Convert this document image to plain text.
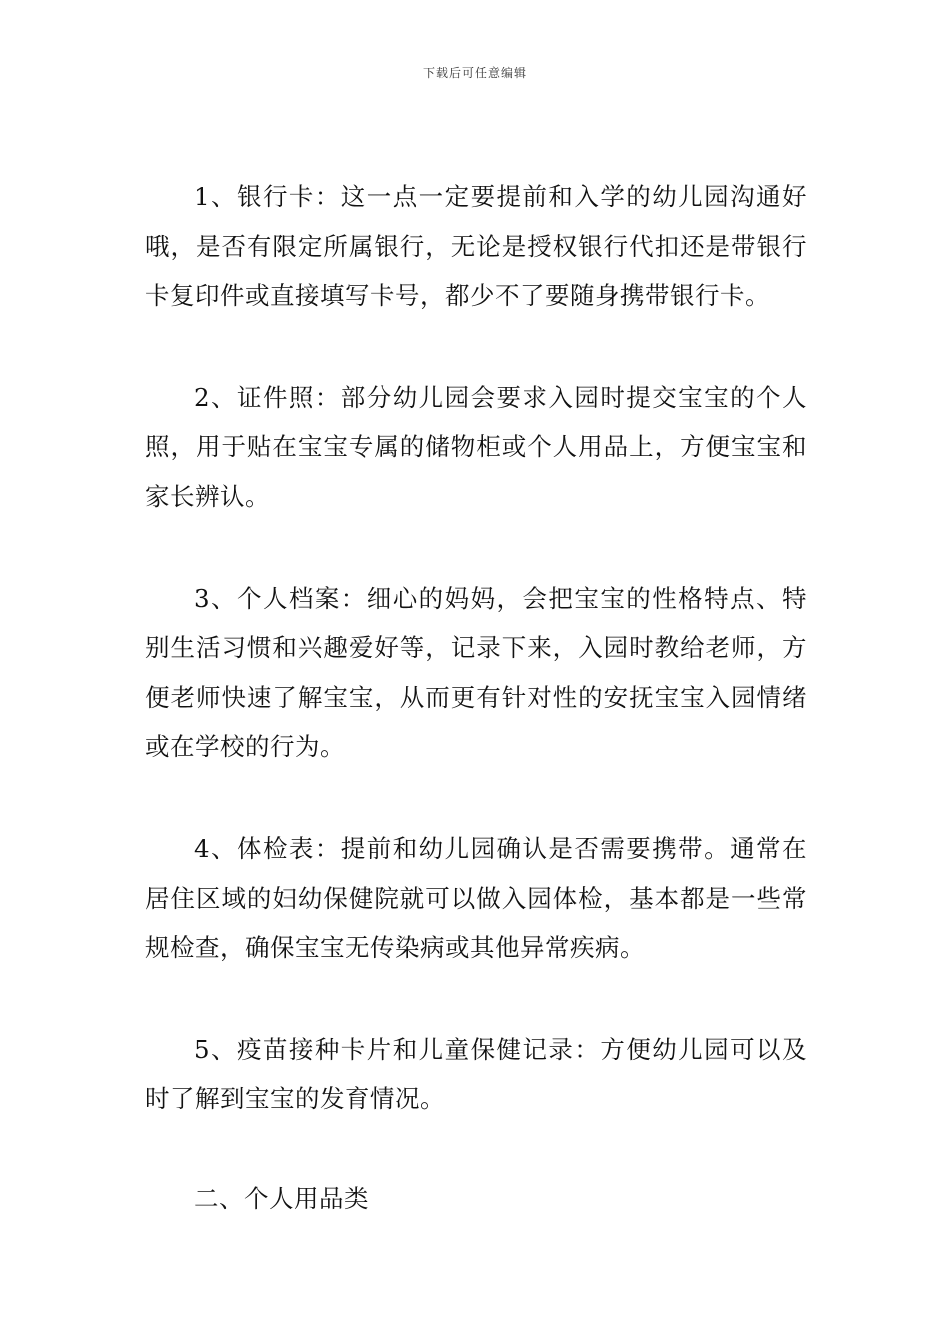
下载后可任意编辑

1、银行卡：这一点一定要提前和入学的幼儿园沟通好哦，是否有限定所属银行，无论是授权银行代扣还是带银行卡复印件或直接填写卡号，都少不了要随身携带银行卡。

2、证件照：部分幼儿园会要求入园时提交宝宝的个人照，用于贴在宝宝专属的储物柜或个人用品上，方便宝宝和家长辨认。

3、个人档案：细心的妈妈，会把宝宝的性格特点、特别生活习惯和兴趣爱好等，记录下来，入园时教给老师，方便老师快速了解宝宝，从而更有针对性的安抚宝宝入园情绪或在学校的行为。

4、体检表：提前和幼儿园确认是否需要携带。通常在居住区域的妇幼保健院就可以做入园体检，基本都是一些常规检查，确保宝宝无传染病或其他异常疾病。

5、疫苗接种卡片和儿童保健记录：方便幼儿园可以及时了解到宝宝的发育情况。

二、个人用品类
